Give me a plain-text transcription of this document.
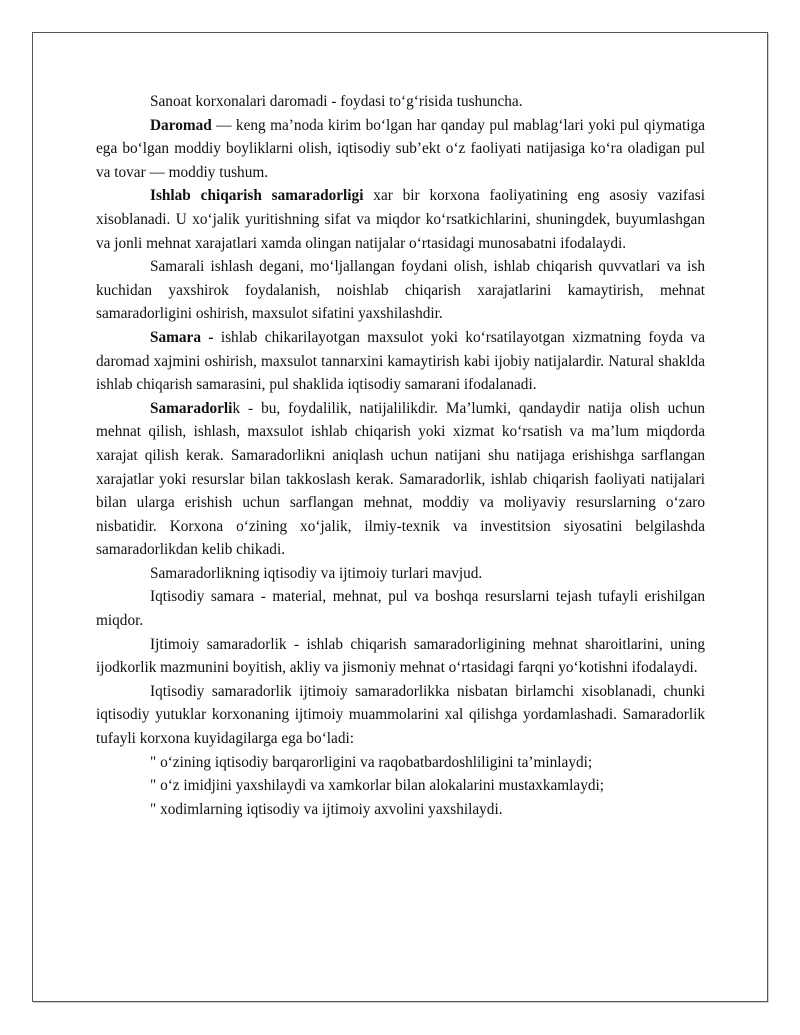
Sanoat korxonalari daromadi - foydasi to‘g‘risida tushuncha.

Daromad — keng ma’noda kirim bo‘lgan har qanday pul mablag‘lari yoki pul qiymatiga ega bo‘lgan moddiy boyliklarni olish, iqtisodiy sub’ekt o‘z faoliyati natijasiga ko‘ra oladigan pul va tovar — moddiy tushum.

Ishlab chiqarish samaradorligi xar bir korxona faoliyatining eng asosiy vazifasi xisoblanadi. U xo‘jalik yuritishning sifat va miqdor ko‘rsatkichlarini, shuningdek, buyumlashgan va jonli mehnat xarajatlari xamda olingan natijalar o‘rtasidagi munosabatni ifodalaydi.

Samarali ishlash degani, mo‘ljallangan foydani olish, ishlab chiqarish quvvatlari va ish kuchidan yaxshirok foydalanish, noishlab chiqarish xarajatlarini kamaytirish, mehnat samaradorligini oshirish, maxsulot sifatini yaxshilashdir.

Samara - ishlab chikarilayotgan maxsulot yoki ko‘rsatilayotgan xizmatning foyda va daromad xajmini oshirish, maxsulot tannarxini kamaytirish kabi ijobiy natijalardir. Natural shaklda ishlab chiqarish samarasini, pul shaklida iqtisodiy samarani ifodalanadi.

Samaradorlik - bu, foydalilik, natijalilikdir. Ma’lumki, qandaydir natija olish uchun mehnat qilish, ishlash, maxsulot ishlab chiqarish yoki xizmat ko‘rsatish va ma’lum miqdorda xarajat qilish kerak. Samaradorlikni aniqlash uchun natijani shu natijaga erishishga sarflangan xarajatlar yoki resurslar bilan takkoslash kerak. Samaradorlik, ishlab chiqarish faoliyati natijalari bilan ularga erishish uchun sarflangan mehnat, moddiy va moliyaviy resurslarning o‘zaro nisbatidir. Korxona o‘zining xo‘jalik, ilmiy-texnik va investitsion siyosatini belgilashda samaradorlikdan kelib chikadi.

Samaradorlikning iqtisodiy va ijtimoiy turlari mavjud.

Iqtisodiy samara - material, mehnat, pul va boshqa resurslarni tejash tufayli erishilgan miqdor.

Ijtimoiy samaradorlik - ishlab chiqarish samaradorligining mehnat sharoitlarini, uning ijodkorlik mazmunini boyitish, akliy va jismoniy mehnat o‘rtasidagi farqni yo‘kotishni ifodalaydi.

Iqtisodiy samaradorlik ijtimoiy samaradorlikka nisbatan birlamchi xisoblanadi, chunki iqtisodiy yutuklar korxonaning ijtimoiy muammolarini xal qilishga yordamlashadi. Samaradorlik tufayli korxona kuyidagilarga ega bo‘ladi:

" o‘zining iqtisodiy barqarorligini va raqobatbardoshliligini ta’minlaydi;

" o‘z imidjini yaxshilaydi va xamkorlar bilan alokalarini mustaxkamlaydi;

" xodimlarning iqtisodiy va ijtimoiy axvolini yaxshilaydi.
